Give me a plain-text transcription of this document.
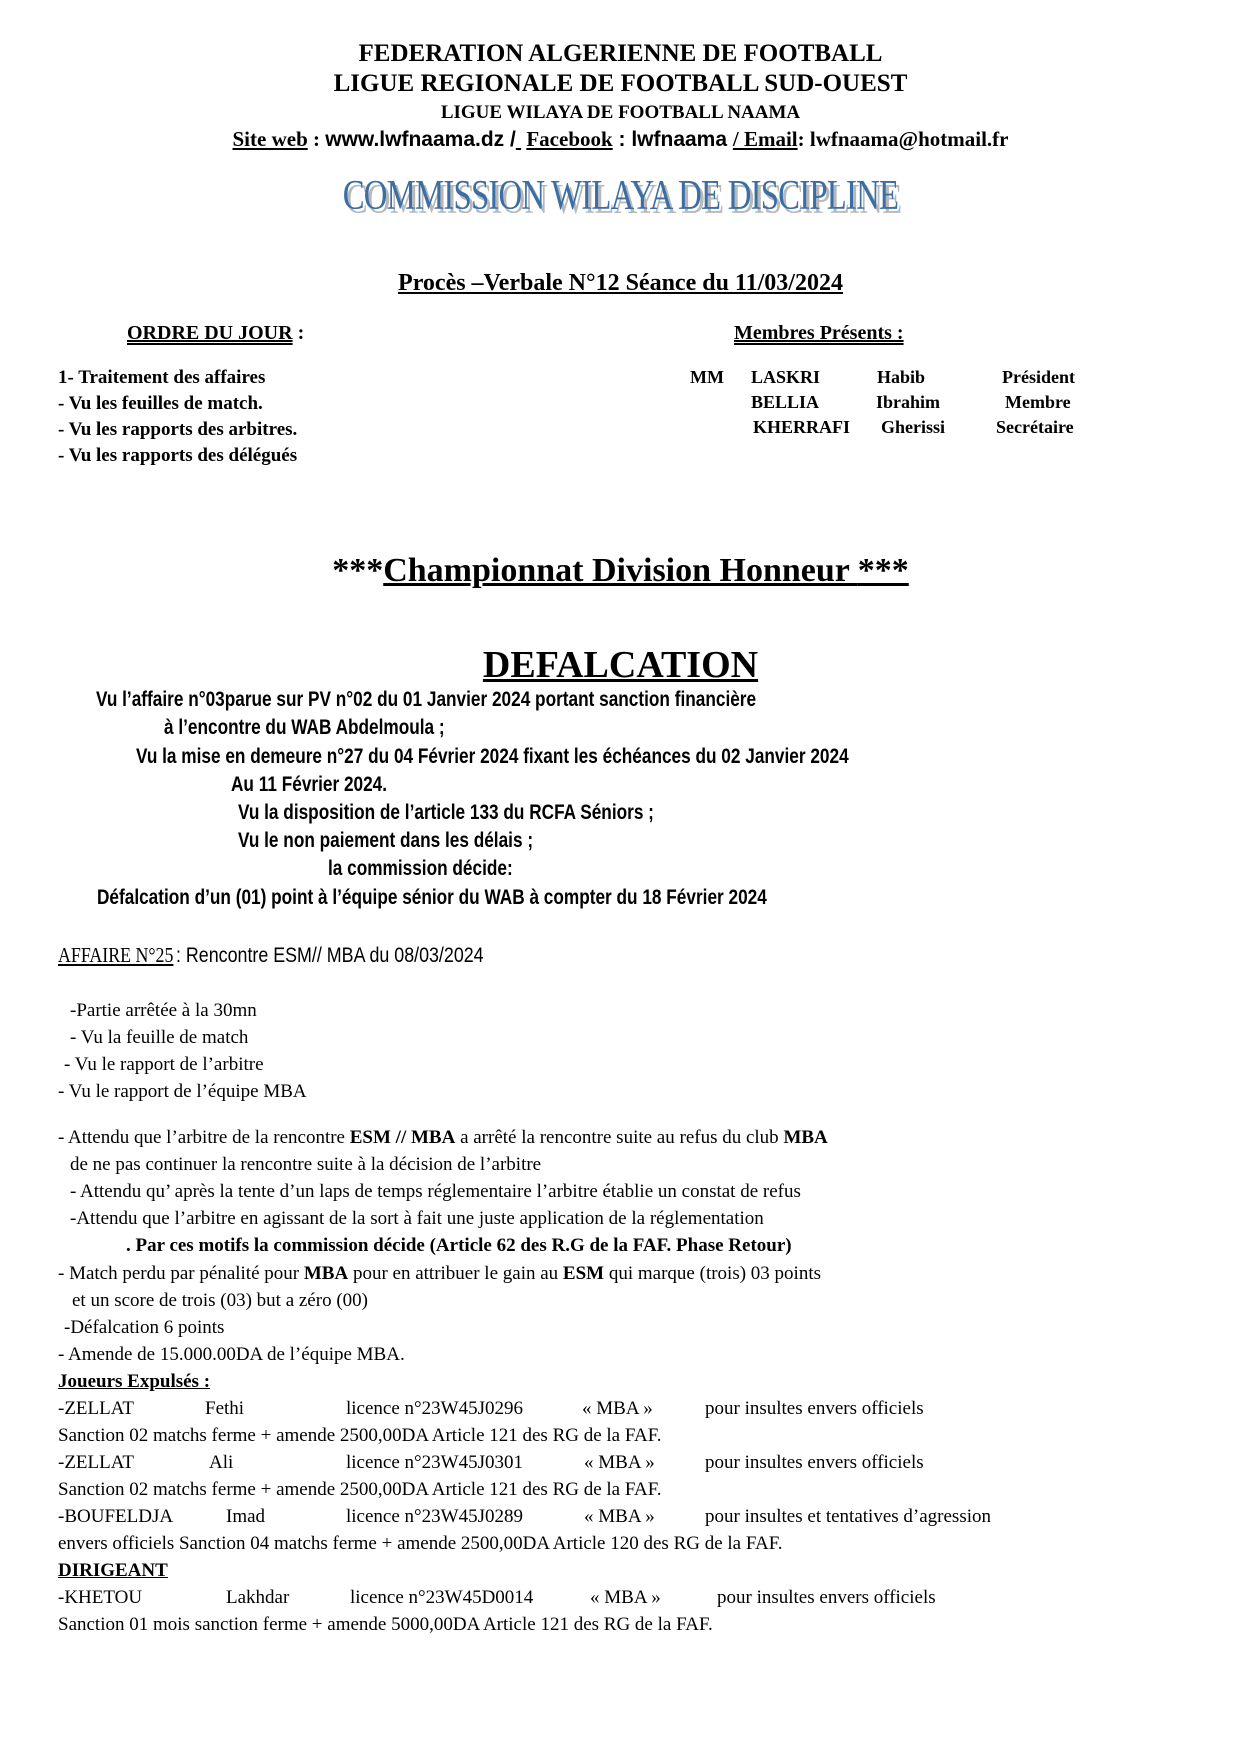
FEDERATION ALGERIENNE DE FOOTBALL
LIGUE REGIONALE DE FOOTBALL SUD-OUEST
LIGUE WILAYA DE FOOTBALL NAAMA
Site web : www.lwfnaama.dz / Facebook : lwfnaama / Email: lwfnaama@hotmail.fr
COMMISSION WILAYA DE DISCIPLINE
Procès –Verbale N°12 Séance du 11/03/2024
ORDRE DU JOUR :
1- Traitement des affaires
- Vu les feuilles de match.
- Vu les rapports des arbitres.
- Vu les rapports des délégués
Membres Présents :
MM LASKRI	Habib	Président
BELLIA	Ibrahim	Membre
KHERRAFI Gherissi	Secrétaire
***Championnat Division Honneur ***
DEFALCATION
Vu l’affaire n°03parue sur PV n°02 du 01 Janvier 2024 portant sanction financière
à l’encontre du WAB Abdelmoula ;
Vu la mise en demeure n°27 du 04 Février 2024 fixant les échéances du 02 Janvier 2024
Au 11 Février 2024.
Vu la disposition de l’article 133 du RCFA Séniors ;
Vu le non paiement dans les délais ;
la commission décide:
Défalcation d’un (01) point à l’équipe sénior du WAB à compter du 18 Février 2024
AFFAIRE N°25 : Rencontre ESM// MBA du 08/03/2024
-Partie arrêtée à la 30mn
- Vu la feuille de match
- Vu le rapport de l’arbitre
- Vu le rapport de l’équipe MBA
- Attendu que l’arbitre de la rencontre ESM // MBA a arrêté la rencontre suite au refus du club MBA
de ne pas continuer la rencontre suite à la décision de l’arbitre
- Attendu qu’ après la tente d’un laps de temps réglementaire l’arbitre établie un constat de refus
-Attendu que l’arbitre en agissant de la sort à fait une juste application de la réglementation
. Par ces motifs la commission décide (Article 62 des R.G de la FAF. Phase Retour)
- Match perdu par pénalité pour MBA pour en attribuer le gain au ESM qui marque (trois) 03 points
et un score de trois (03) but a zéro (00)
-Défalcation 6 points
- Amende de 15.000.00DA de l’équipe MBA.
Joueurs Expulsés :
-ZELLAT	Fethi	licence n°23W45J0296	« MBA »	pour insultes envers officiels
Sanction 02 matchs ferme + amende 2500,00DA Article 121 des RG de la FAF.
-ZELLAT	Ali	licence n°23W45J0301	« MBA »	pour insultes envers officiels
Sanction 02 matchs ferme + amende 2500,00DA Article 121 des RG de la FAF.
-BOUFELDJA	Imad	licence n°23W45J0289	« MBA »	pour insultes et tentatives d’agression
envers officiels Sanction 04 matchs ferme + amende 2500,00DA Article 120 des RG de la FAF.
DIRIGEANT
-KHETOU	Lakhdar	licence n°23W45D0014	« MBA »	pour insultes envers officiels
Sanction 01 mois sanction ferme + amende 5000,00DA Article 121 des RG de la FAF.
